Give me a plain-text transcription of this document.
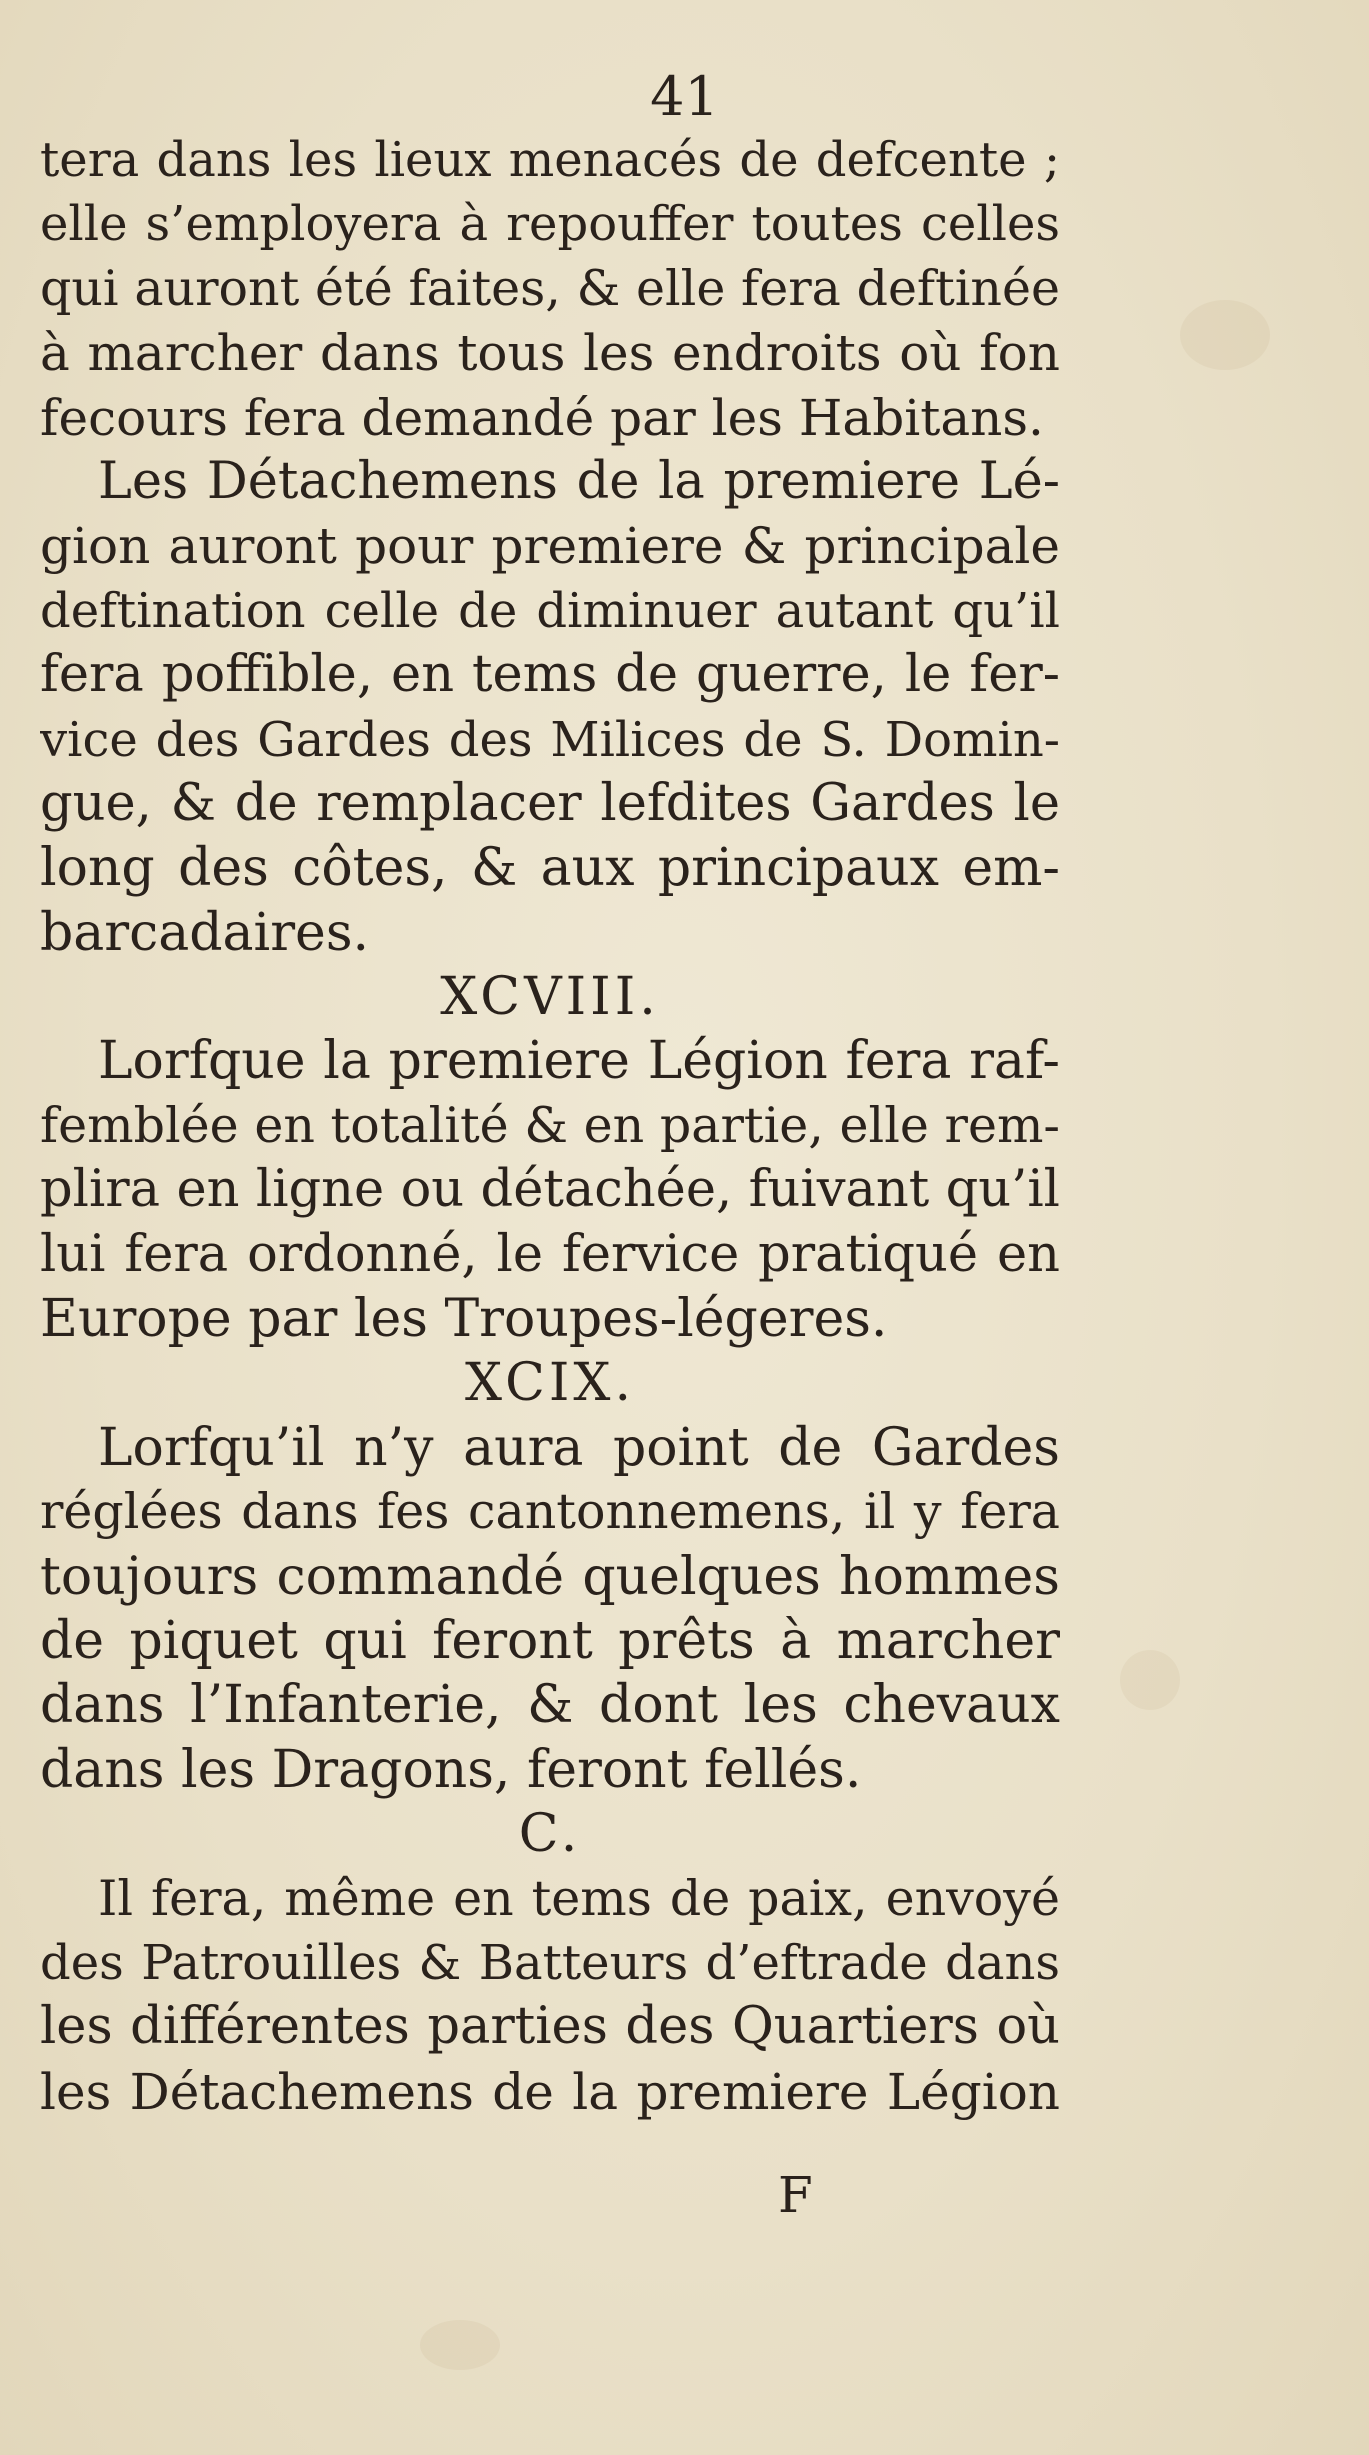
41
tera dans les lieux menacés de defcente ;
elle s’employera à repouffer toutes celles
qui auront été faites, & elle fera deftinée
à marcher dans tous les endroits où fon
fecours fera demandé par les Habitans.
Les Détachemens de la premiere Lé-
gion auront pour premiere & principale
deftination celle de diminuer autant qu’il
fera poffible, en tems de guerre, le fer-
vice des Gardes des Milices de S. Domin-
gue, & de remplacer lefdites Gardes le
long des côtes, & aux principaux em-
barcadaires.
XCVIII.
Lorfque la premiere Légion fera raf-
femblée en totalité & en partie, elle rem-
plira en ligne ou détachée, fuivant qu’il
lui fera ordonné, le fervice pratiqué en
Europe par les Troupes-légeres.
XCIX.
Lorfqu’il n’y aura point de Gardes
réglées dans fes cantonnemens, il y fera
toujours commandé quelques hommes
de piquet qui feront prêts à marcher
dans l’Infanterie, & dont les chevaux
dans les Dragons, feront fellés.
C.
Il fera, même en tems de paix, envoyé
des Patrouilles & Batteurs d’eftrade dans
les différentes parties des Quartiers où
les Détachemens de la premiere Légion
F
